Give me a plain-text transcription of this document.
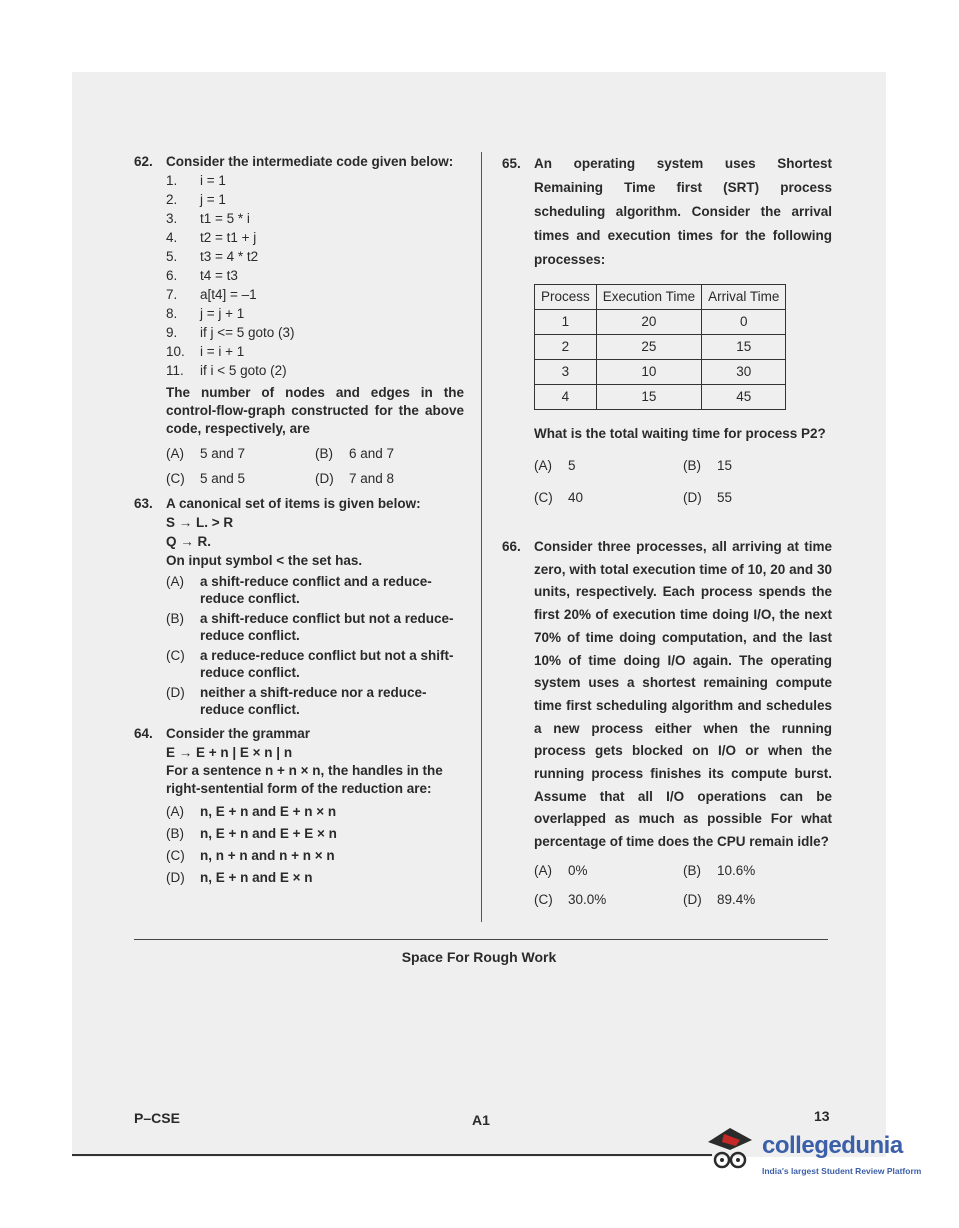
62. Consider the intermediate code given below:
1.	i = 1
2.	j = 1
3.	t1 = 5 * i
4.	t2 = t1 + j
5.	t3 = 4 * t2
6.	t4 = t3
7.	a[t4] = –1
8.	j = j + 1
9.	if j <= 5 goto (3)
10.	i = i + 1
11.	if i < 5 goto (2)
The number of nodes and edges in the control-flow-graph constructed for the above code, respectively, are
(A)	5 and 7	(B)	6 and 7
(C)	5 and 5	(D)	7 and 8
63. A canonical set of items is given below:
S → L. > R
Q → R.
On input symbol < the set has.
(A)	a shift-reduce conflict and a reduce-reduce conflict.
(B)	a shift-reduce conflict but not a reduce-reduce conflict.
(C)	a reduce-reduce conflict but not a shift-reduce conflict.
(D)	neither a shift-reduce nor a reduce-reduce conflict.
64. Consider the grammar
E → E + n | E × n | n
For a sentence n + n × n, the handles in the right-sentential form of the reduction are:
(A)	n, E + n and E + n × n
(B)	n, E + n and E + E × n
(C)	n, n + n and n + n × n
(D)	n, E + n and E × n
65. An operating system uses Shortest Remaining Time first (SRT) process scheduling algorithm. Consider the arrival times and execution times for the following processes:
Process	Execution Time	Arrival Time
1	20	0
2	25	15
3	10	30
4	15	45
What is the total waiting time for process P2?
(A)	5	(B)	15
(C)	40	(D)	55
66. Consider three processes, all arriving at time zero, with total execution time of 10, 20 and 30 units, respectively. Each process spends the first 20% of execution time doing I/O, the next 70% of time doing computation, and the last 10% of time doing I/O again. The operating system uses a shortest remaining compute time first scheduling algorithm and schedules a new process either when the running process gets blocked on I/O or when the running process finishes its compute burst. Assume that all I/O operations can be overlapped as much as possible For what percentage of time does the CPU remain idle?
(A)	0%	(B)	10.6%
(C)	30.0%	(D)	89.4%
Space For Rough Work
P–CSE	A1	13
collegedunia
India's largest Student Review Platform
